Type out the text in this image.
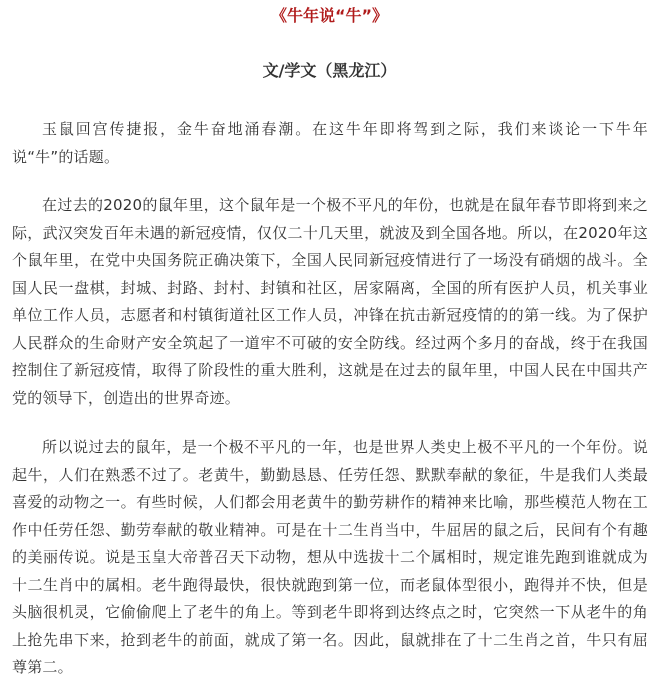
《牛年说“牛”》
文/学文（黑龙江）

玉鼠回宫传捷报，金牛奋地涌春潮。在这牛年即将驾到之际，我们来谈论一下牛年说“牛”的话题。

在过去的2020的鼠年里，这个鼠年是一个极不平凡的年份，也就是在鼠年春节即将到来之际，武汉突发百年未遇的新冠疫情，仅仅二十几天里，就波及到全国各地。所以，在2020年这个鼠年里，在党中央国务院正确决策下，全国人民同新冠疫情进行了一场没有硝烟的战斗。全国人民一盘棋，封城、封路、封村、封镇和社区，居家隔离，全国的所有医护人员，机关事业单位工作人员，志愿者和村镇街道社区工作人员，冲锋在抗击新冠疫情的的第一线。为了保护人民群众的生命财产安全筑起了一道牢不可破的安全防线。经过两个多月的奋战，终于在我国控制住了新冠疫情，取得了阶段性的重大胜利，这就是在过去的鼠年里，中国人民在中国共产党的领导下，创造出的世界奇迹。

所以说过去的鼠年，是一个极不平凡的一年，也是世界人类史上极不平凡的一个年份。说起牛，人们在熟悉不过了。老黄牛，勤勤恳恳、任劳任怨、默默奉献的象征，牛是我们人类最喜爱的动物之一。有些时候，人们都会用老黄牛的勤劳耕作的精神来比喻，那些模范人物在工作中任劳任怨、勤劳奉献的敬业精神。可是在十二生肖当中，牛屈居的鼠之后，民间有个有趣的美丽传说。说是玉皇大帝普召天下动物，想从中选拔十二个属相时，规定谁先跑到谁就成为十二生肖中的属相。老牛跑得最快，很快就跑到第一位，而老鼠体型很小，跑得并不快，但是头脑很机灵，它偷偷爬上了老牛的角上。等到老牛即将到达终点之时，它突然一下从老牛的角上抢先串下来，抢到老牛的前面，就成了第一名。因此，鼠就排在了十二生肖之首，牛只有屈尊第二。
